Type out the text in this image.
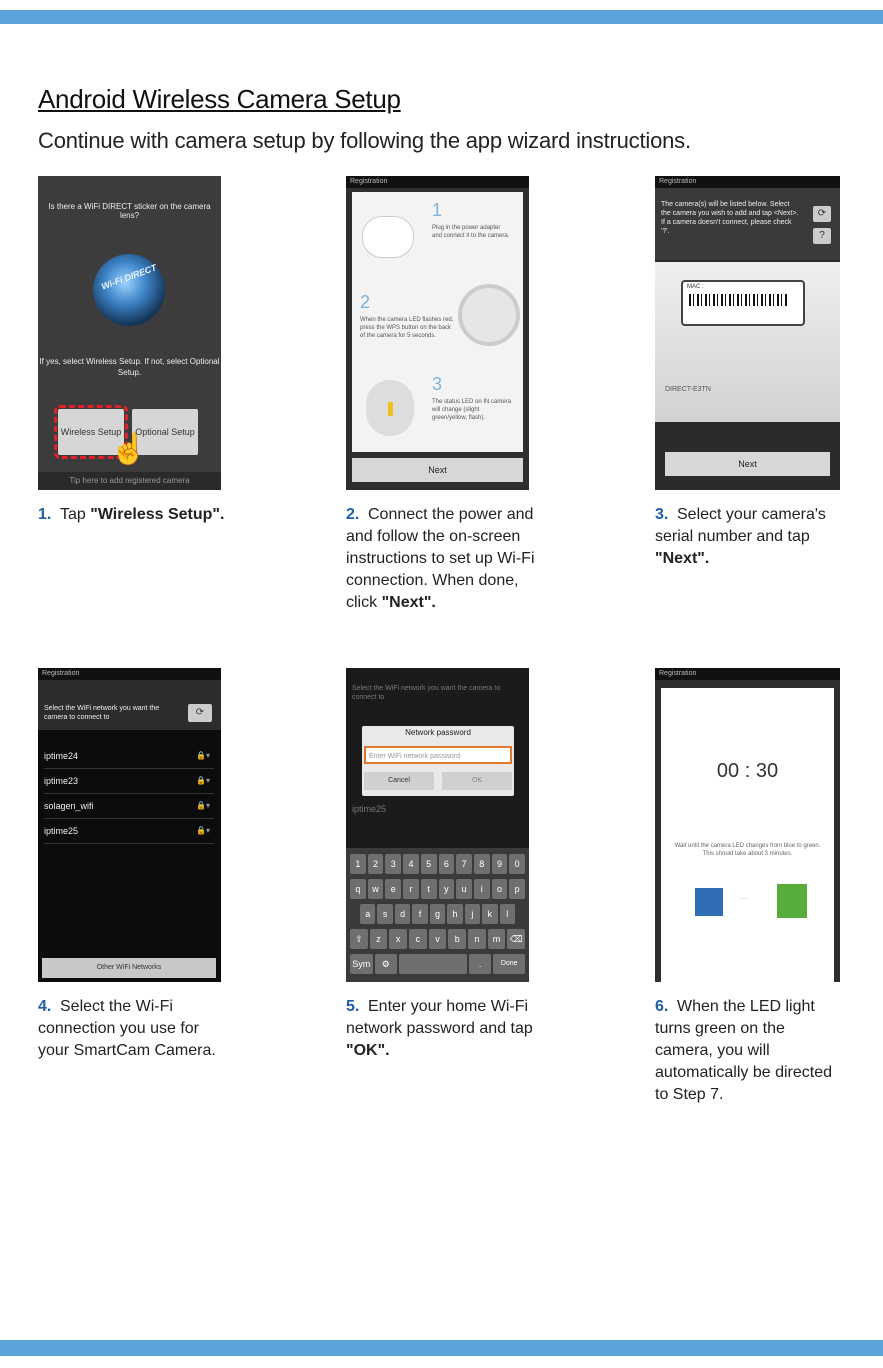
Android Wireless Camera Setup
Continue with camera setup by following the app wizard instructions.
Is there a WiFi DIRECT sticker on the camera lens?
Wi-Fi DIRECT
If yes, select Wireless Setup. If not, select Optional Setup.
Wireless Setup	Optional Setup
☝
Tip here to add registered camera
Registration
1
Plug in the power adapter and connect it to the camera.
2
When the camera LED flashes red, press the WPS button on the back of the camera for 5 seconds.
3
The status LED on IN camera will change (slight green/yellow, flash).
Next
Registration
The camera(s) will be listed below. Select the camera you wish to add and tap <Next>. If a camera doesn't connect, please check '?'.
⟳
?
MAC :
DIRECT-E3TN
Next
Registration
Select the WiFi network you want the camera to connect to	⟳
iptime24	🔒▾
iptime23	🔒▾
solagen_wifi	🔒▾
iptime25	🔒▾
Other WiFi Networks
Select the WiFi network you want the camera to connect to
iptime25
Network password
Enter WiFi network password
Cancel	OK
1	2	3	4	5	6	7	8	9	0
q	w	e	r	t	y	u	i	o	p
a	s	d	f	g	h	j	k	l
⇧	z	x	c	v	b	n	m	⌫
Sym	⚙	.	Done
Registration
00 : 30
Wait until the camera LED changes from blue to green. This should take about 3 minutes.
···
1. Tap "Wireless Setup".	2. Connect the power and and follow the on-screen instructions to set up Wi-Fi connection. When done, click "Next".
3. Select your camera's serial number and tap "Next".
4. Select the Wi-Fi connection you use for your SmartCam Camera.
5. Enter your home Wi-Fi network password and tap "OK".
6. When the LED light turns green on the camera, you will automatically be directed to Step 7.
